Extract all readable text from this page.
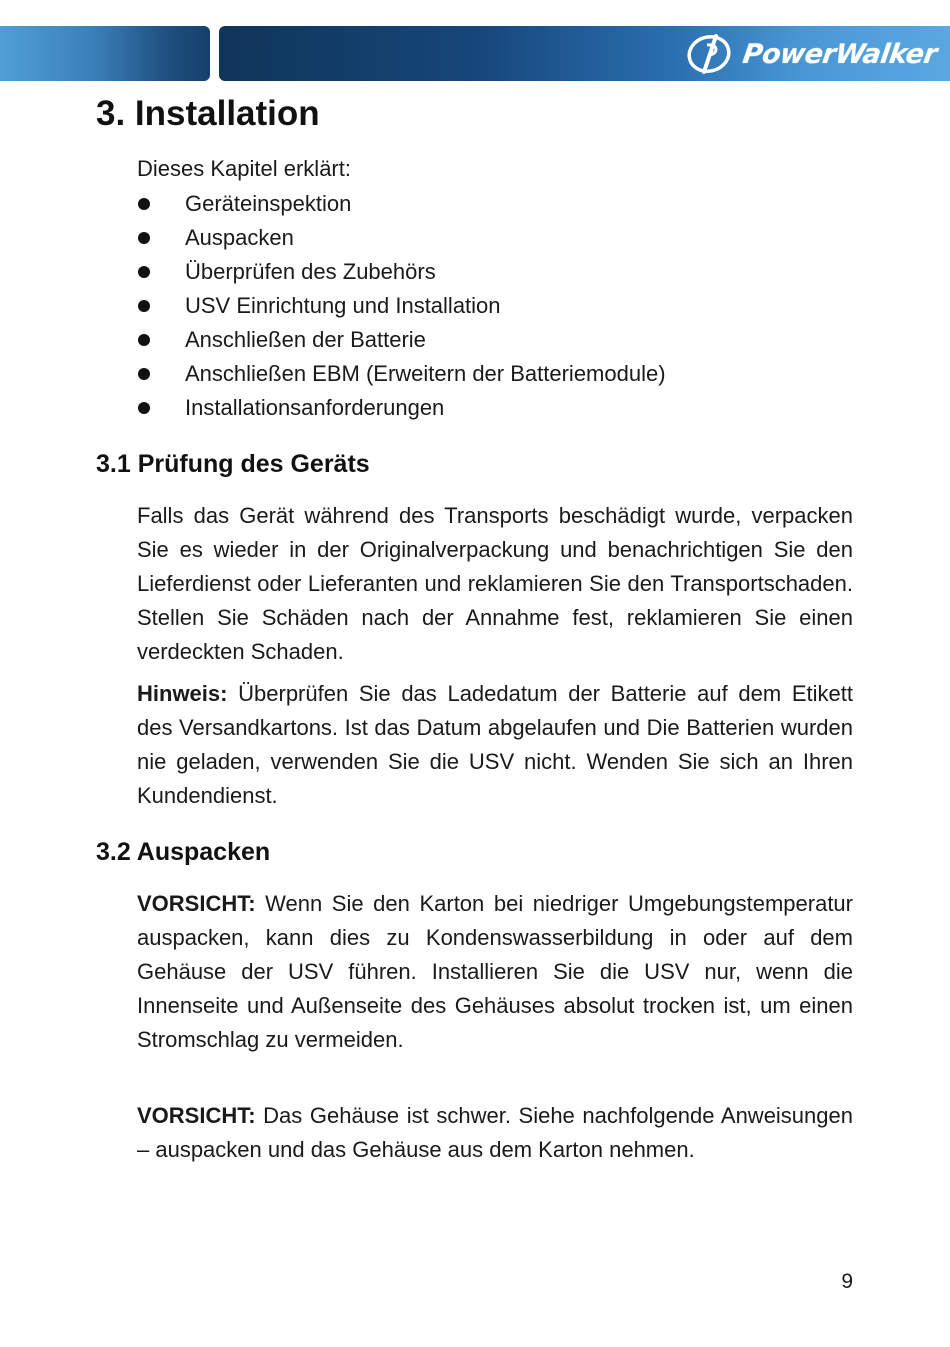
PowerWalker
3. Installation

Dieses Kapitel erklärt:

Geräteinspektion
Auspacken
Überprüfen des Zubehörs
USV Einrichtung und Installation
Anschließen der Batterie
Anschließen EBM (Erweitern der Batteriemodule)
Installationsanforderungen
3.1 Prüfung des Geräts

Falls das Gerät während des Transports beschädigt wurde, verpacken Sie es wieder in der Originalverpackung und benachrichtigen Sie den Lieferdienst oder Lieferanten und reklamieren Sie den Transportschaden. Stellen Sie Schäden nach der Annahme fest, reklamieren Sie einen verdeckten Schaden.

Hinweis: Überprüfen Sie das Ladedatum der Batterie auf dem Etikett des Versandkartons. Ist das Datum abgelaufen und Die Batterien wurden nie geladen, verwenden Sie die USV nicht. Wenden Sie sich an Ihren Kundendienst.

3.2 Auspacken

VORSICHT: Wenn Sie den Karton bei niedriger Umgebungstemperatur auspacken, kann dies zu Kondenswasserbildung in oder auf dem Gehäuse der USV führen. Installieren Sie die USV nur, wenn die Innenseite und Außenseite des Gehäuses absolut trocken ist, um einen Stromschlag zu vermeiden.

VORSICHT: Das Gehäuse ist schwer. Siehe nachfolgende Anweisungen – auspacken und das Gehäuse aus dem Karton nehmen.

9
